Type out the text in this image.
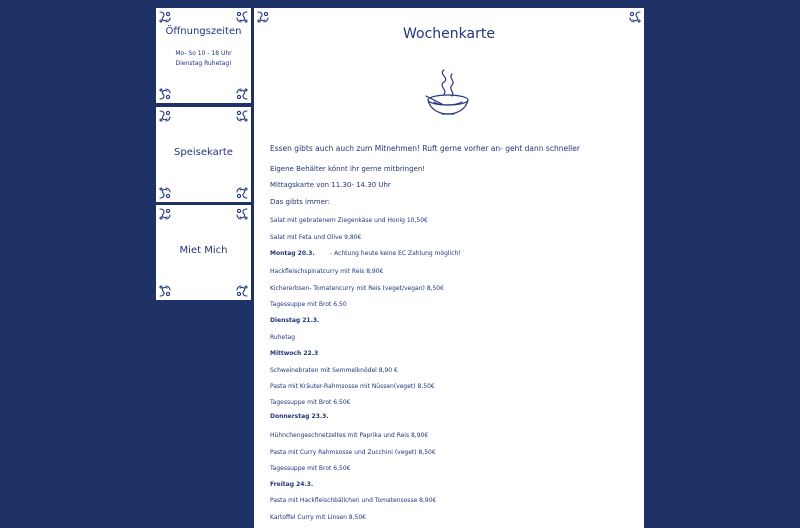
Öffnungszeiten
Mo- So 10 - 18 Uhr
Dienstag Ruhetag!
Speisekarte
Miet Mich
Wochenkarte
Essen gibts auch auch zum Mitnehmen! Ruft gerne vorher an- geht dann schneller
Eigene Behälter könnt ihr gerne mitbringen!
Mittagskarte von 11.30- 14.30 Uhr
Das gibts immer:
Salat mit gebratenem Ziegenkäse und Honig 10,50€
Salat mit Feta und Olive 9,80€
Montag 20.3.	- Achtung heute keine EC Zahlung möglich!
Hackfleischspinatcurry mit Reis 8,90€
Kichererbsen- Tomatencurry mit Reis (veget/vegan) 8,50€
Tagessuppe mit Brot 6,50
Dienstag 21.3.
Ruhetag
Mittwoch 22.3
Schweinebraten mit Semmelknödel 8,90 €
Pasta mit Kräuter-Rahmsosse mit Nüssen(veget) 8,50€
Tagessuppe mit Brot 6.50€
Donnerstag 23.3.
Hühnchengeschnetzeltes mit Paprika und Reis 8,90€
Pasta mit Curry Rahmsosse und Zucchini (veget) 8,50€
Tagessuppe mit Brot 6,50€
Freitag 24.3.
Pasta mit Hackfleischbällchen und Tomatensosse 8,90€
Kartoffel Curry mit Linsen 8,50€
